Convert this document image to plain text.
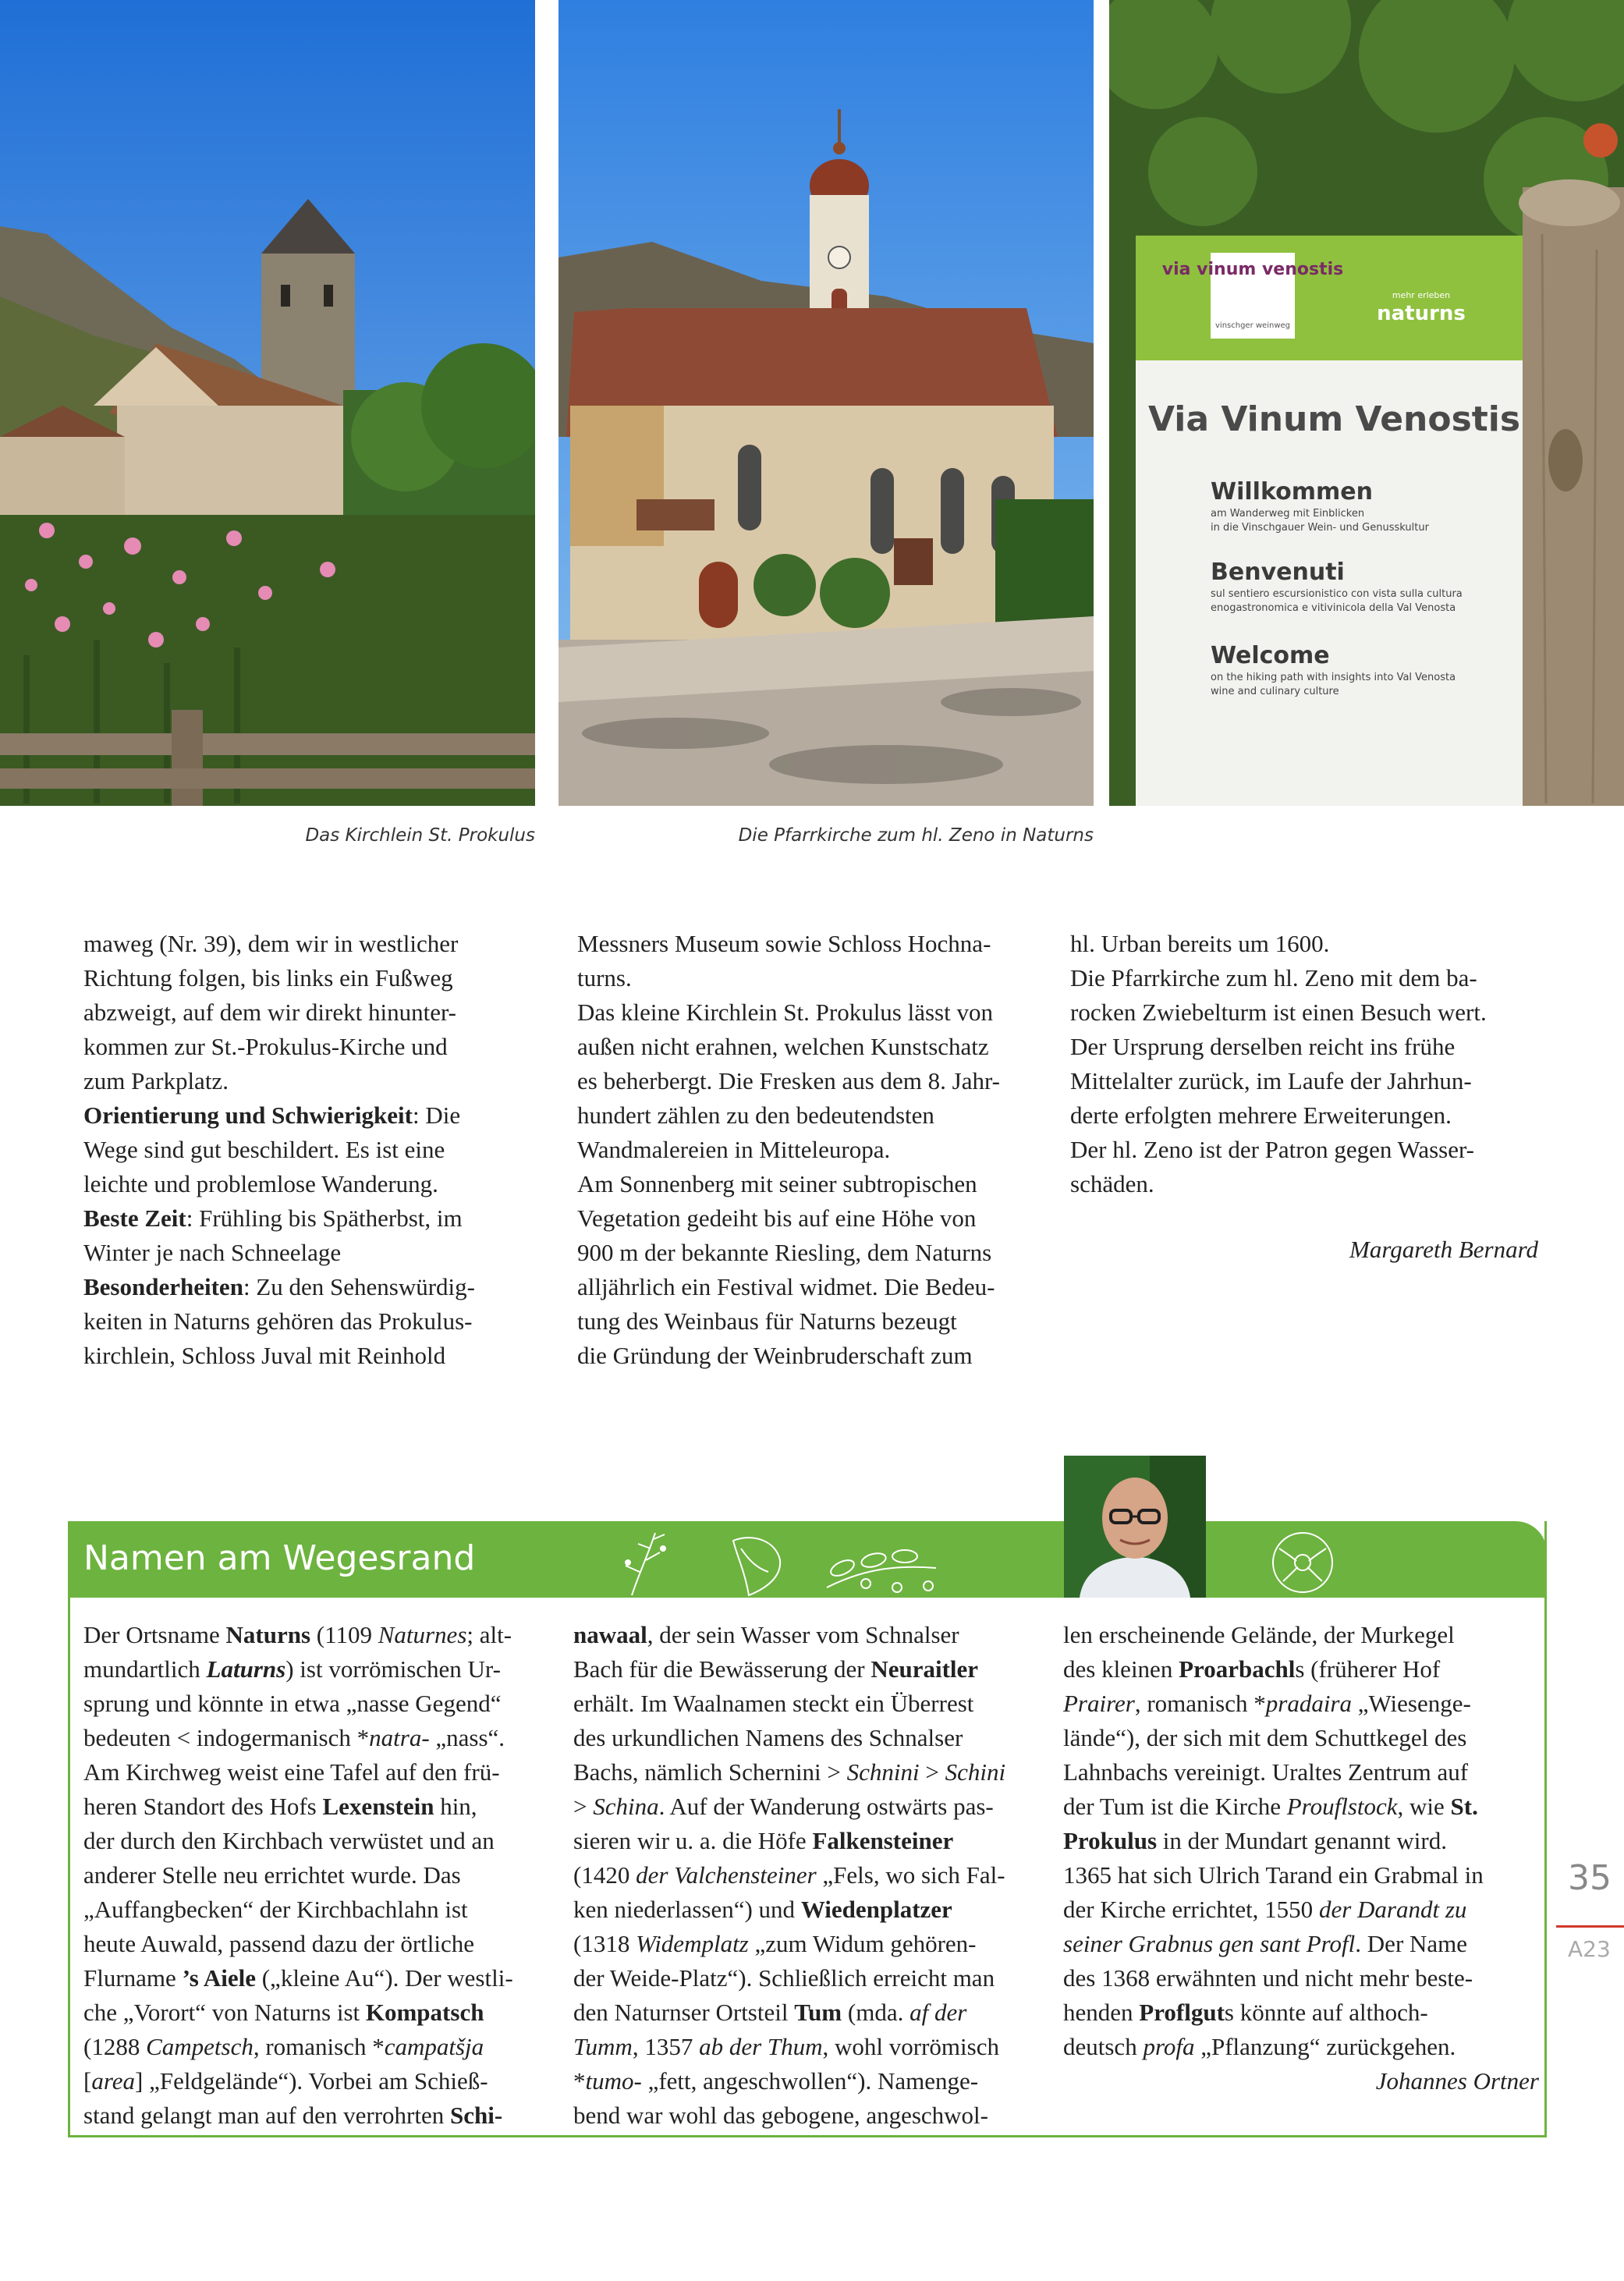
via vinum venostis
vinschger weinweg
mehr erleben
naturns
Via Vinum Venostis
Willkommen
am Wanderweg mit Einblicken
in die Vinschgauer Wein- und Genusskultur
Benvenuti
sul sentiero escursionistico con vista sulla cultura
enogastronomica e vitivinicola della Val Venosta
Welcome
on the hiking path with insights into Val Venosta
wine and culinary culture
Das Kirchlein St. Prokulus	Die Pfarrkirche zum hl. Zeno in Naturns

maweg (Nr. 39), dem wir in westlicher

Richtung folgen, bis links ein Fußweg

abzweigt, auf dem wir direkt hinunter-

kommen zur St.-Prokulus-Kirche und

zum Parkplatz.

Orientierung und Schwierigkeit: Die

Wege sind gut beschildert. Es ist eine

leichte und problemlose Wanderung.

Beste Zeit: Frühling bis Spätherbst, im

Winter je nach Schneelage

Besonderheiten: Zu den Sehenswürdig-

keiten in Naturns gehören das Prokulus-

kirchlein, Schloss Juval mit Reinhold

Messners Museum sowie Schloss Hochna-

turns.

Das kleine Kirchlein St. Prokulus lässt von

außen nicht erahnen, welchen Kunstschatz

es beherbergt. Die Fresken aus dem 8. Jahr-

hundert zählen zu den bedeutendsten

Wandmalereien in Mitteleuropa.

Am Sonnenberg mit seiner subtropischen

Vegetation gedeiht bis auf eine Höhe von

900 m der bekannte Riesling, dem Naturns

alljährlich ein Festival widmet. Die Bedeu-

tung des Weinbaus für Naturns bezeugt

die Gründung der Weinbruderschaft zum

hl. Urban bereits um 1600.

Die Pfarrkirche zum hl. Zeno mit dem ba-

rocken Zwiebelturm ist einen Besuch wert.

Der Ursprung derselben reicht ins frühe

Mittelalter zurück, im Laufe der Jahrhun-

derte erfolgten mehrere Erweiterungen.

Der hl. Zeno ist der Patron gegen Wasser-

schäden.

Margareth Bernard

Namen am Wegesrand

Der Ortsname Naturns (1109 Naturnes; alt-

mundartlich Laturns) ist vorrömischen Ur-

sprung und könnte in etwa „nasse Gegend“

bedeuten < indogermanisch *natra- „nass“.

Am Kirchweg weist eine Tafel auf den frü-

heren Standort des Hofs Lexenstein hin,

der durch den Kirchbach verwüstet und an

anderer Stelle neu errichtet wurde. Das

„Auffangbecken“ der Kirchbachlahn ist

heute Auwald, passend dazu der örtliche

Flurname ’s Aiele („kleine Au“). Der westli-

che „Vorort“ von Naturns ist Kompatsch

(1288 Campetsch, romanisch *campatšja

[area] „Feldgelände“). Vorbei am Schieß-

stand gelangt man auf den verrohrten Schi-

nawaal, der sein Wasser vom Schnalser

Bach für die Bewässerung der Neuraitler

erhält. Im Waalnamen steckt ein Überrest

des urkundlichen Namens des Schnalser

Bachs, nämlich Schernini > Schnini > Schini

> Schina. Auf der Wanderung ostwärts pas-

sieren wir u. a. die Höfe Falkensteiner

(1420 der Valchensteiner „Fels, wo sich Fal-

ken niederlassen“) und Wiedenplatzer

(1318 Widemplatz „zum Widum gehören-

der Weide-Platz“). Schließlich erreicht man

den Naturnser Ortsteil Tum (mda. af der

Tumm, 1357 ab der Thum, wohl vorrömisch

*tumo- „fett, angeschwollen“). Namenge-

bend war wohl das gebogene, angeschwol-

len erscheinende Gelände, der Murkegel

des kleinen Proarbachls (früherer Hof

Prairer, romanisch *pradaira „Wiesenge-

lände“), der sich mit dem Schuttkegel des

Lahnbachs vereinigt. Uraltes Zentrum auf

der Tum ist die Kirche Prouflstock, wie St.

Prokulus in der Mundart genannt wird.

1365 hat sich Ulrich Tarand ein Grabmal in

der Kirche errichtet, 1550 der Darandt zu

seiner Grabnus gen sant Profl. Der Name

des 1368 erwähnten und nicht mehr beste-

henden Proflguts könnte auf althoch-

deutsch profa „Pflanzung“ zurückgehen.

Johannes Ortner

35
A23
